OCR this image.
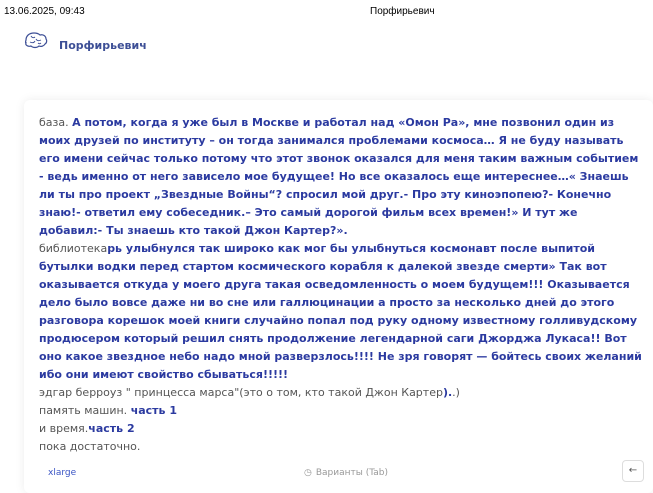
13.06.2025, 09:43	Порфирьевич
Порфирьевич

база. А потом, когда я уже был в Москве и работал над «Омон Ра», мне позвонил один из моих друзей по институту – он тогда занимался проблемами космоса… Я не буду называть его имени сейчас только потому что этот звонок оказался для меня таким важным событием - ведь именно от него зависело мое будущее! Но все оказалось еще интереснее…« Знаешь ли ты про проект „Звездные Войны“? спросил мой друг.- Про эту киноэпопею?- Конечно знаю!- ответил ему собеседник.– Это самый дорогой фильм всех времен!» И тут же добавил:- Ты знаешь кто такой Джон Картер?».

библиотекарь улыбнулся так широко как мог бы улыбнуться космонавт после выпитой бутылки водки перед стартом космического корабля к далекой звезде смерти» Так вот оказывается откуда у моего друга такая осведомленность о моем будущем!!! Оказывается дело было вовсе даже ни во сне или галлюцинации а просто за несколько дней до этого разговора корешок моей книги случайно попал под руку одному известному голливудскому продюсером который решил снять продолжение легендарной саги Джорджа Лукаса!! Вот оно какое звездное небо надо мной разверзлось!!!! Не зря говорят — бойтесь своих желаний ибо они имеют свойство сбываться!!!!!

эдгар берроуз " принцесса марса"(это о том, кто такой Джон Картер)..)

память машин. часть 1

и время.часть 2

пока достаточно.

xlarge	◷ Варианты (Tab)	←
